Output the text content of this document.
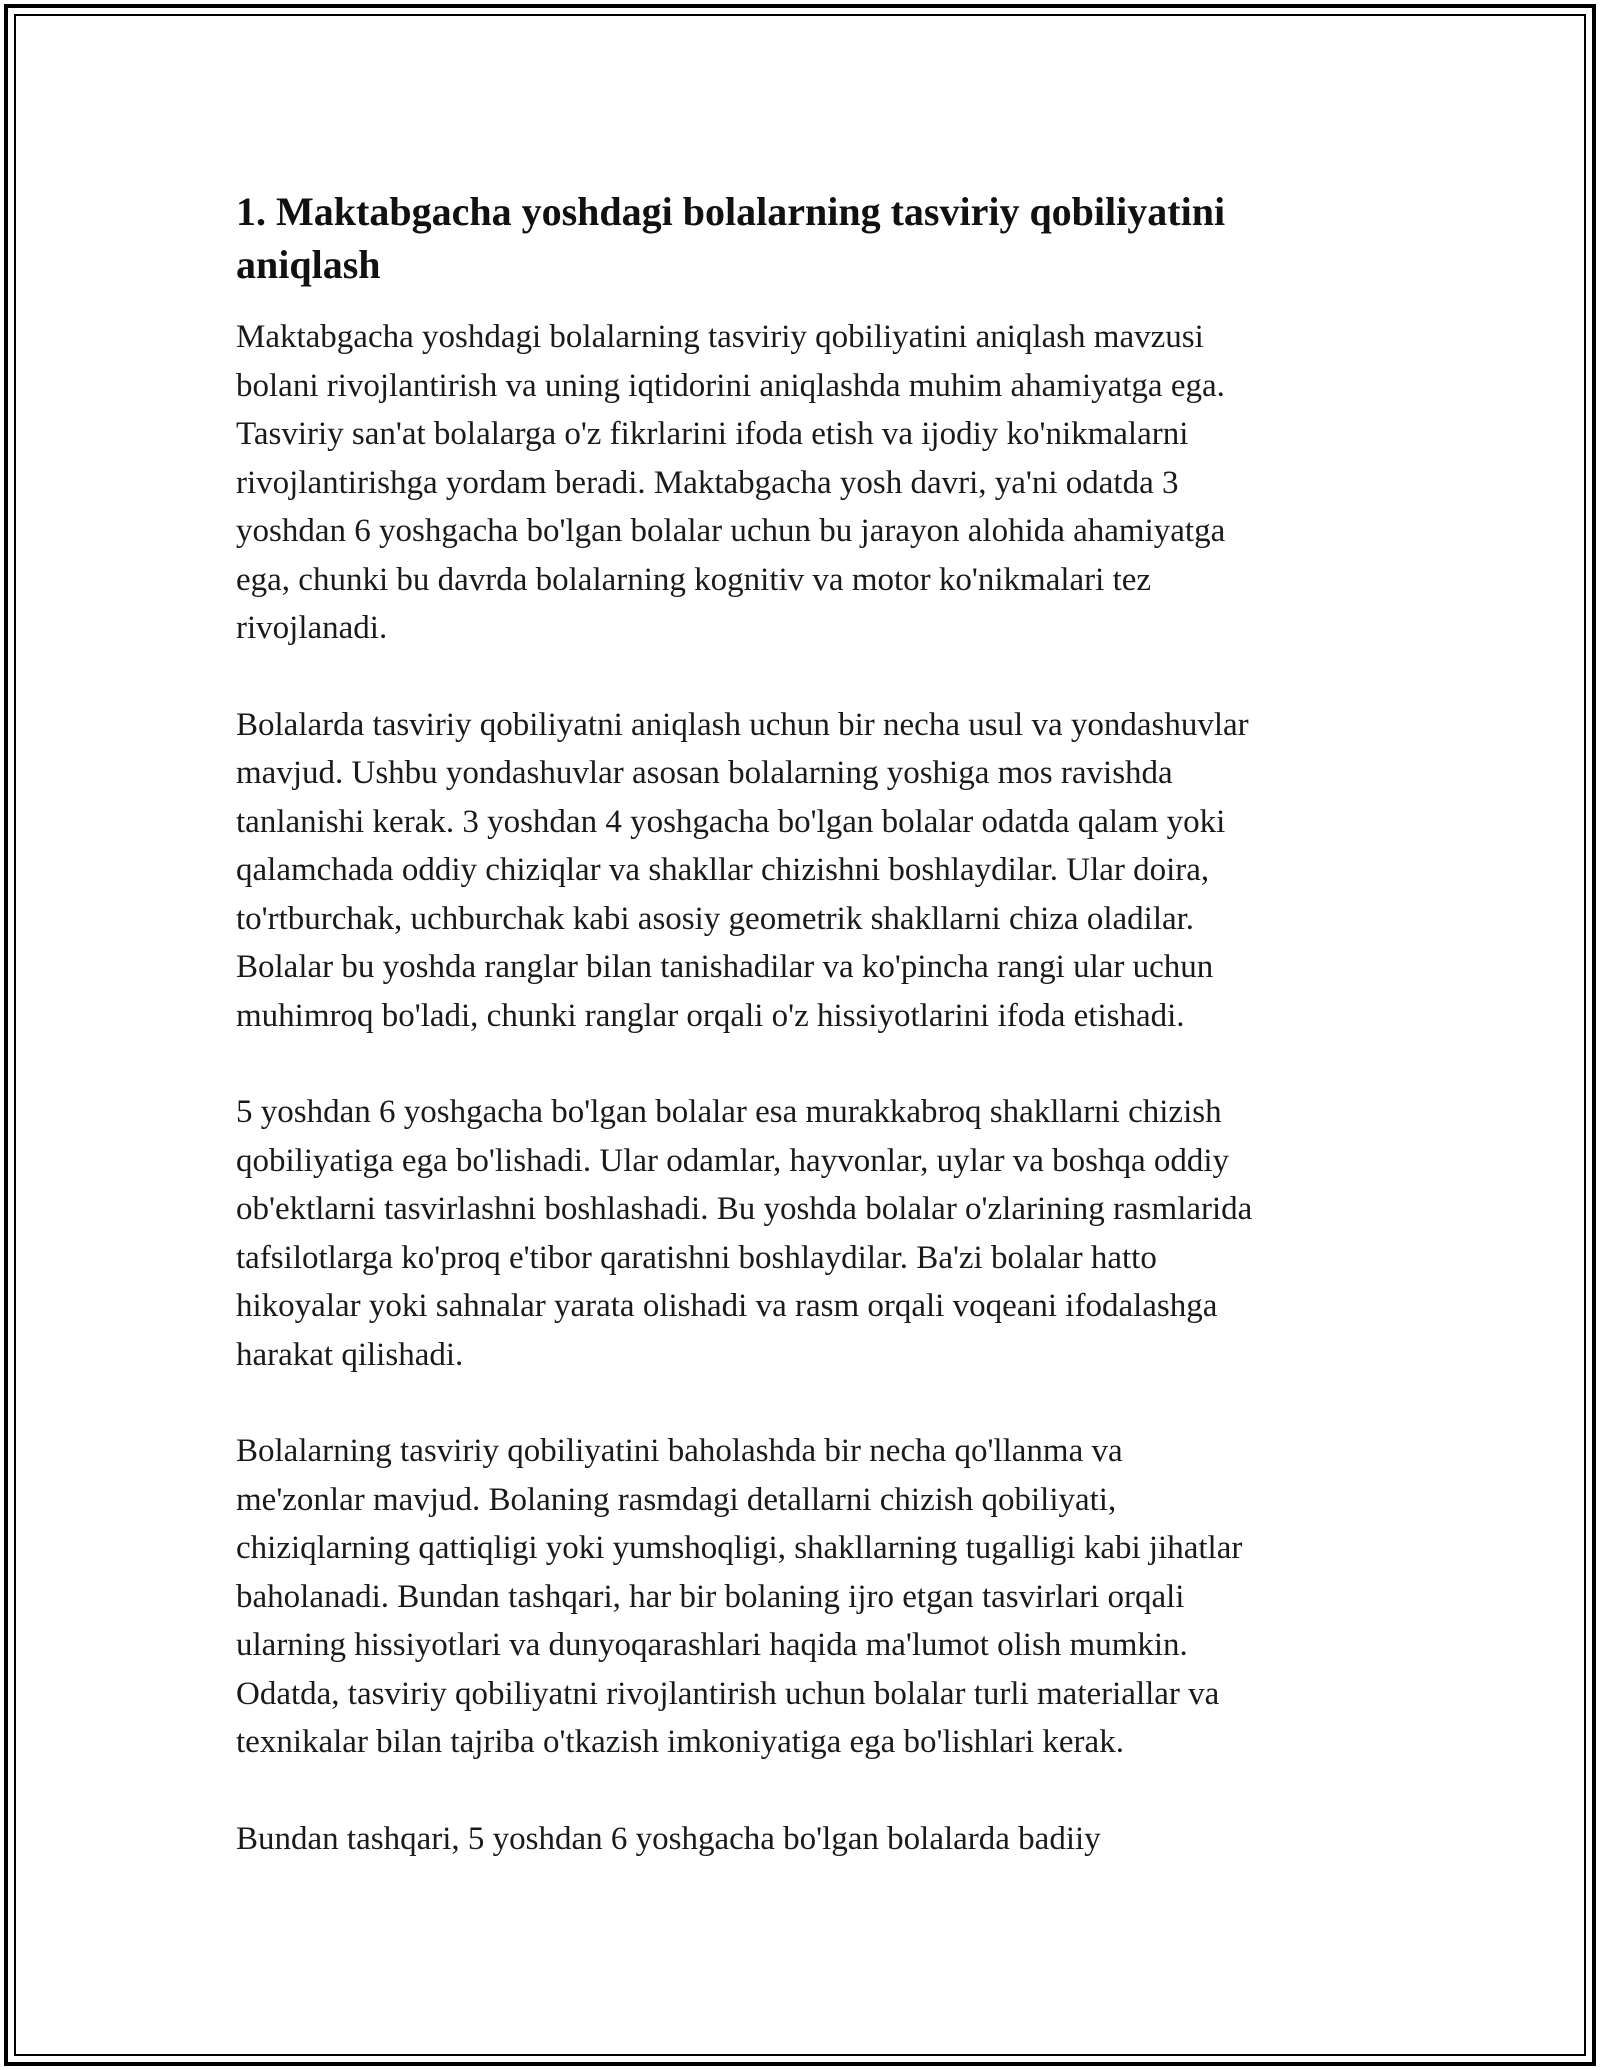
1. Maktabgacha yoshdagi bolalarning tasviriy qobiliyatini aniqlash
Maktabgacha yoshdagi bolalarning tasviriy qobiliyatini aniqlash mavzusi
bolani rivojlantirish va uning iqtidorini aniqlashda muhim ahamiyatga ega.
Tasviriy san'at bolalarga o'z fikrlarini ifoda etish va ijodiy ko'nikmalarni
rivojlantirishga yordam beradi. Maktabgacha yosh davri, ya'ni odatda 3
yoshdan 6 yoshgacha bo'lgan bolalar uchun bu jarayon alohida ahamiyatga
ega, chunki bu davrda bolalarning kognitiv va motor ko'nikmalari tez
rivojlanadi.
Bolalarda tasviriy qobiliyatni aniqlash uchun bir necha usul va yondashuvlar
mavjud. Ushbu yondashuvlar asosan bolalarning yoshiga mos ravishda
tanlanishi kerak. 3 yoshdan 4 yoshgacha bo'lgan bolalar odatda qalam yoki
qalamchada oddiy chiziqlar va shakllar chizishni boshlaydilar. Ular doira,
to'rtburchak, uchburchak kabi asosiy geometrik shakllarni chiza oladilar.
Bolalar bu yoshda ranglar bilan tanishadilar va ko'pincha rangi ular uchun
muhimroq bo'ladi, chunki ranglar orqali o'z hissiyotlarini ifoda etishadi.
5 yoshdan 6 yoshgacha bo'lgan bolalar esa murakkabroq shakllarni chizish
qobiliyatiga ega bo'lishadi. Ular odamlar, hayvonlar, uylar va boshqa oddiy
ob'ektlarni tasvirlashni boshlashadi. Bu yoshda bolalar o'zlarining rasmlarida
tafsilotlarga ko'proq e'tibor qaratishni boshlaydilar. Ba'zi bolalar hatto
hikoyalar yoki sahnalar yarata olishadi va rasm orqali voqeani ifodalashga
harakat qilishadi.
Bolalarning tasviriy qobiliyatini baholashda bir necha qo'llanma va
me'zonlar mavjud. Bolaning rasmdagi detallarni chizish qobiliyati,
chiziqlarning qattiqligi yoki yumshoqligi, shakllarning tugalligi kabi jihatlar
baholanadi. Bundan tashqari, har bir bolaning ijro etgan tasvirlari orqali
ularning hissiyotlari va dunyoqarashlari haqida ma'lumot olish mumkin.
Odatda, tasviriy qobiliyatni rivojlantirish uchun bolalar turli materiallar va
texnikalar bilan tajriba o'tkazish imkoniyatiga ega bo'lishlari kerak.
Bundan tashqari, 5 yoshdan 6 yoshgacha bo'lgan bolalarda badiiy
